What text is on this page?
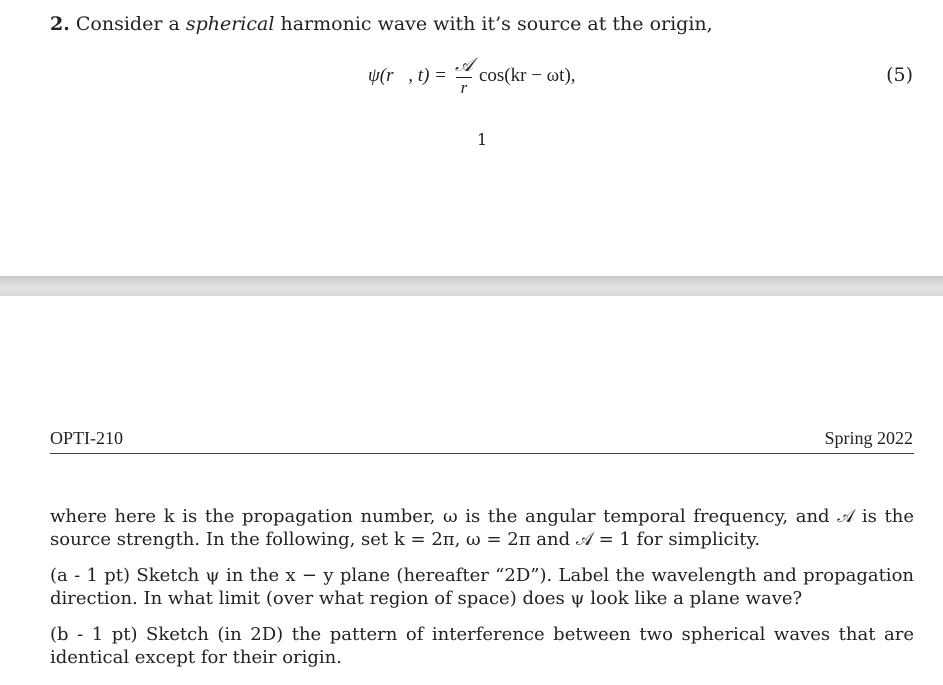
2. Consider a spherical harmonic wave with it’s source at the origin,
ψ(r⃗, $t) = \frac{\text{𝒜}}{r} \cos(kr - \omega t)$,	(5)
1
OPTI-210	Spring 2022
where here k is the propagation number, ω is the angular temporal frequency, and 𝒜 is the source strength. In the following, set k = 2π, ω = 2π and 𝒜 = 1 for simplicity.
(a - 1 pt) Sketch ψ in the x − y plane (hereafter “2D”). Label the wavelength and propagation direction. In what limit (over what region of space) does ψ look like a plane wave?
(b - 1 pt) Sketch (in 2D) the pattern of interference between two spherical waves that are identical except for their origin.
